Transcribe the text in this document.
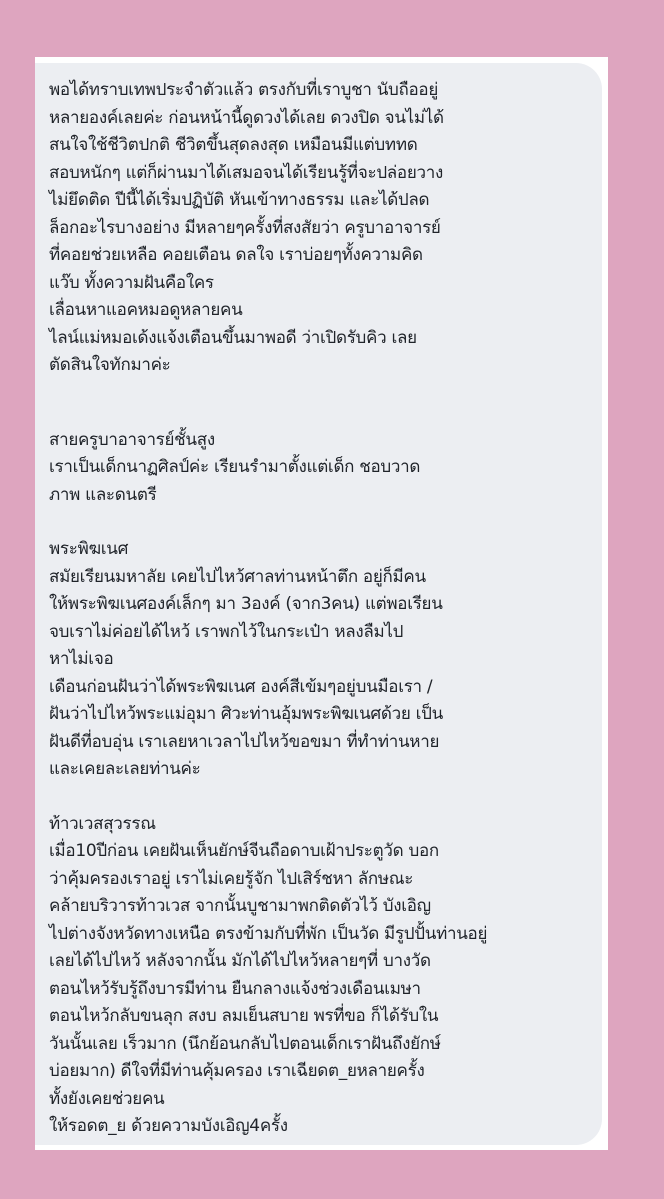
พอได้ทราบเทพประจำตัวแล้ว ตรงกับที่เราบูชา นับถืออยู่
หลายองค์เลยค่ะ ก่อนหน้านี้ดูดวงได้เลย ดวงปิด จนไม่ได้
สนใจใช้ชีวิตปกติ ชีวิตขึ้นสุดลงสุด เหมือนมีแต่บททด
สอบหนักๆ แต่ก็ผ่านมาได้เสมอจนได้เรียนรู้ที่จะปล่อยวาง
ไม่ยึดติด ปีนี้ได้เริ่มปฏิบัติ หันเข้าทางธรรม และได้ปลด
ล็อกอะไรบางอย่าง มีหลายๆครั้งที่สงสัยว่า ครูบาอาจารย์
ที่คอยช่วยเหลือ คอยเตือน ดลใจ เราบ่อยๆทั้งความคิด
แว๊บ ทั้งความฝันคือใคร
เลื่อนหาแอคหมอดูหลายคน
ไลน์แม่หมอเด้งแจ้งเตือนขึ้นมาพอดี ว่าเปิดรับคิว เลย
ตัดสินใจทักมาค่ะ
สายครูบาอาจารย์ชั้นสูง
เราเป็นเด็กนาฏศิลป์ค่ะ เรียนรำมาตั้งแต่เด็ก ชอบวาด
ภาพ และดนตรี
พระพิฆเนศ
สมัยเรียนมหาลัย เคยไปไหว้ศาลท่านหน้าตึก อยู่ก็มีคน
ให้พระพิฆเนศองค์เล็กๆ มา 3องค์ (จาก3คน) แต่พอเรียน
จบเราไม่ค่อยได้ไหว้ เราพกไว้ในกระเป๋า หลงลืมไป
หาไม่เจอ
เดือนก่อนฝันว่าได้พระพิฆเนศ องค์สีเข้มๆอยู่บนมือเรา /
ฝันว่าไปไหว้พระแม่อุมา ศิวะท่านอุ้มพระพิฆเนศด้วย เป็น
ฝันดีที่อบอุ่น เราเลยหาเวลาไปไหว้ขอขมา ที่ทำท่านหาย
และเคยละเลยท่านค่ะ
ท้าวเวสสุวรรณ
เมื่อ10ปีก่อน เคยฝันเห็นยักษ์จีนถือดาบเฝ้าประตูวัด บอก
ว่าคุ้มครองเราอยู่ เราไม่เคยรู้จัก ไปเสิร์ชหา ลักษณะ
คล้ายบริวารท้าวเวส จากนั้นบูชามาพกติดตัวไว้ บังเอิญ
ไปต่างจังหวัดทางเหนือ ตรงข้ามกับที่พัก เป็นวัด มีรูปปั้นท่านอยู่
เลยได้ไปไหว้ หลังจากนั้น มักได้ไปไหว้หลายๆที่ บางวัด
ตอนไหว้รับรู้ถึงบารมีท่าน ยืนกลางแจ้งช่วงเดือนเมษา
ตอนไหว้กลับขนลุก สงบ ลมเย็นสบาย พรที่ขอ ก็ได้รับใน
วันนั้นเลย เร็วมาก (นึกย้อนกลับไปตอนเด็กเราฝันถึงยักษ์
บ่อยมาก) ดีใจที่มีท่านคุ้มครอง เราเฉียดต_ยหลายครั้ง
ทั้งยังเคยช่วยคน
ให้รอดต_ย ด้วยความบังเอิญ4ครั้ง
